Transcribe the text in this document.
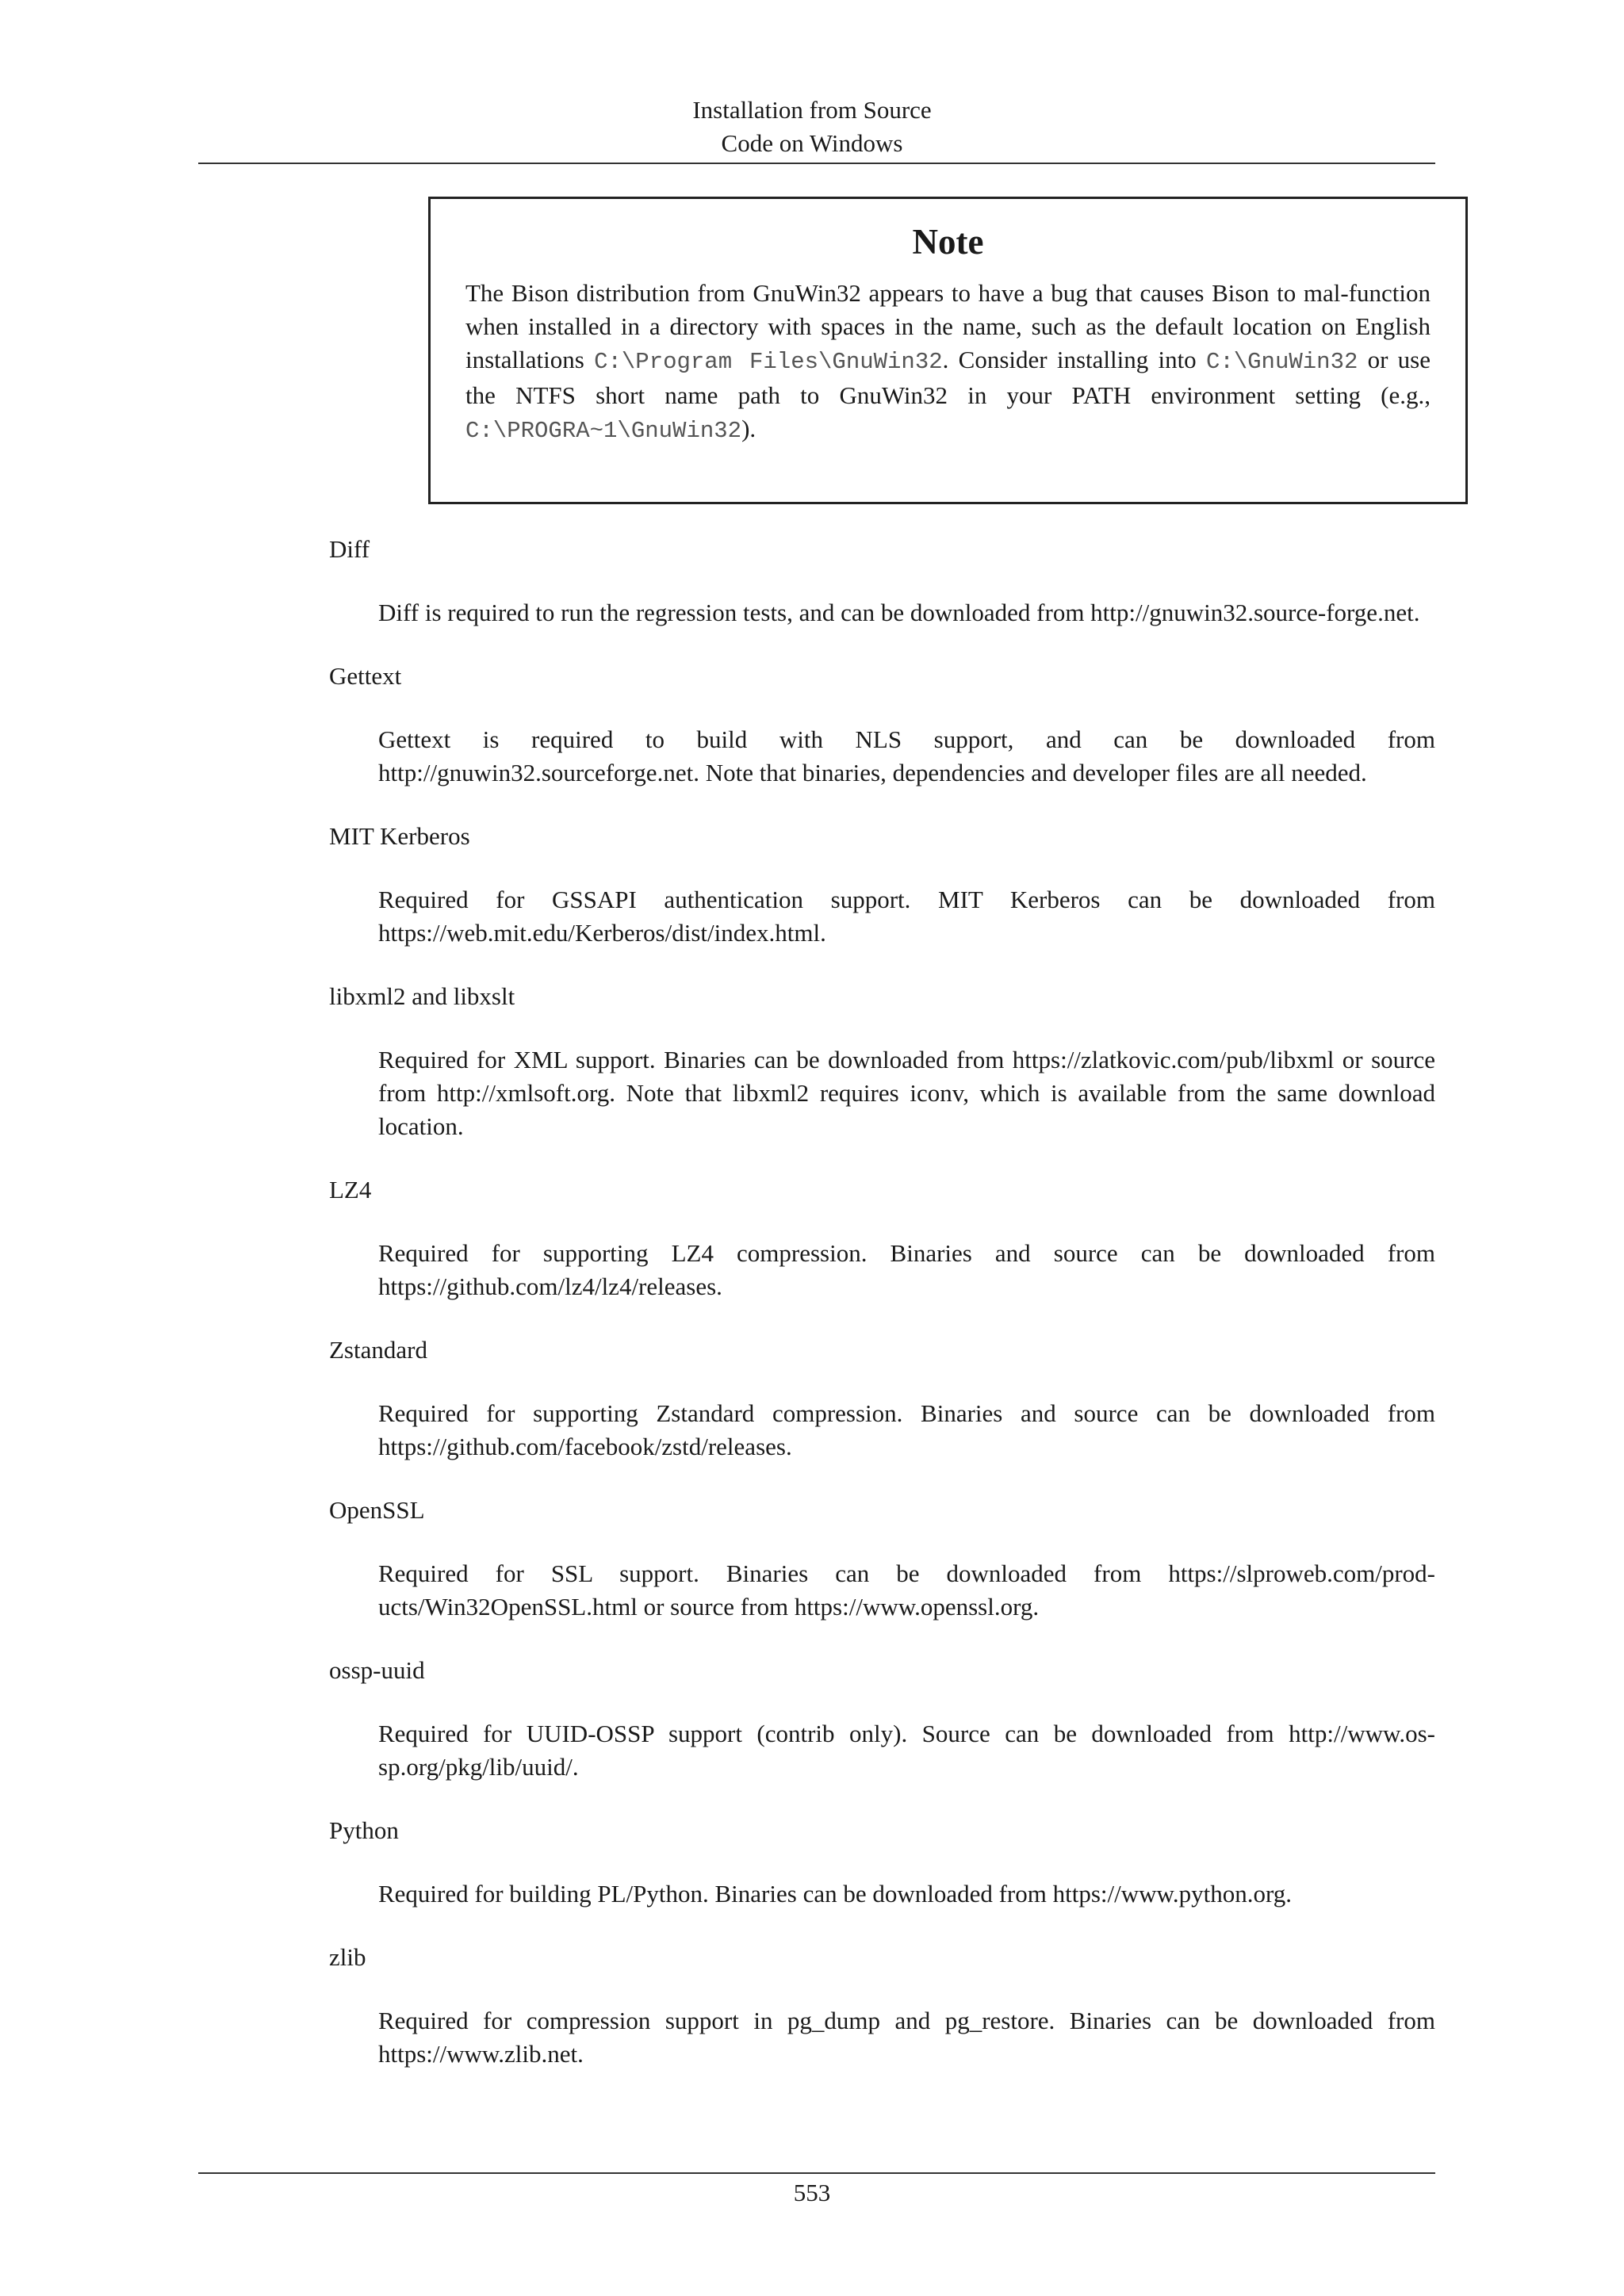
Installation from Source
Code on Windows
Note
The Bison distribution from GnuWin32 appears to have a bug that causes Bison to mal-function when installed in a directory with spaces in the name, such as the default location on English installations C:\Program Files\GnuWin32. Consider installing into C:\GnuWin32 or use the NTFS short name path to GnuWin32 in your PATH environment setting (e.g., C:\PROGRA~1\GnuWin32).

Diff

Diff is required to run the regression tests, and can be downloaded from http://gnuwin32.source-forge.net.

Gettext

Gettext is required to build with NLS support, and can be downloaded from http://gnuwin32.sourceforge.net. Note that binaries, dependencies and developer files are all needed.

MIT Kerberos

Required for GSSAPI authentication support. MIT Kerberos can be downloaded from https://web.mit.edu/Kerberos/dist/index.html.

libxml2 and libxslt

Required for XML support. Binaries can be downloaded from https://zlatkovic.com/pub/libxml or source from http://xmlsoft.org. Note that libxml2 requires iconv, which is available from the same download location.

LZ4

Required for supporting LZ4 compression. Binaries and source can be downloaded from https://github.com/lz4/lz4/releases.

Zstandard

Required for supporting Zstandard compression. Binaries and source can be downloaded from https://github.com/facebook/zstd/releases.

OpenSSL

Required for SSL support. Binaries can be downloaded from https://slproweb.com/prod-ucts/Win32OpenSSL.html or source from https://www.openssl.org.

ossp-uuid

Required for UUID-OSSP support (contrib only). Source can be downloaded from http://www.os-sp.org/pkg/lib/uuid/.

Python

Required for building PL/Python. Binaries can be downloaded from https://www.python.org.

zlib

Required for compression support in pg_dump and pg_restore. Binaries can be downloaded from https://www.zlib.net.

553
